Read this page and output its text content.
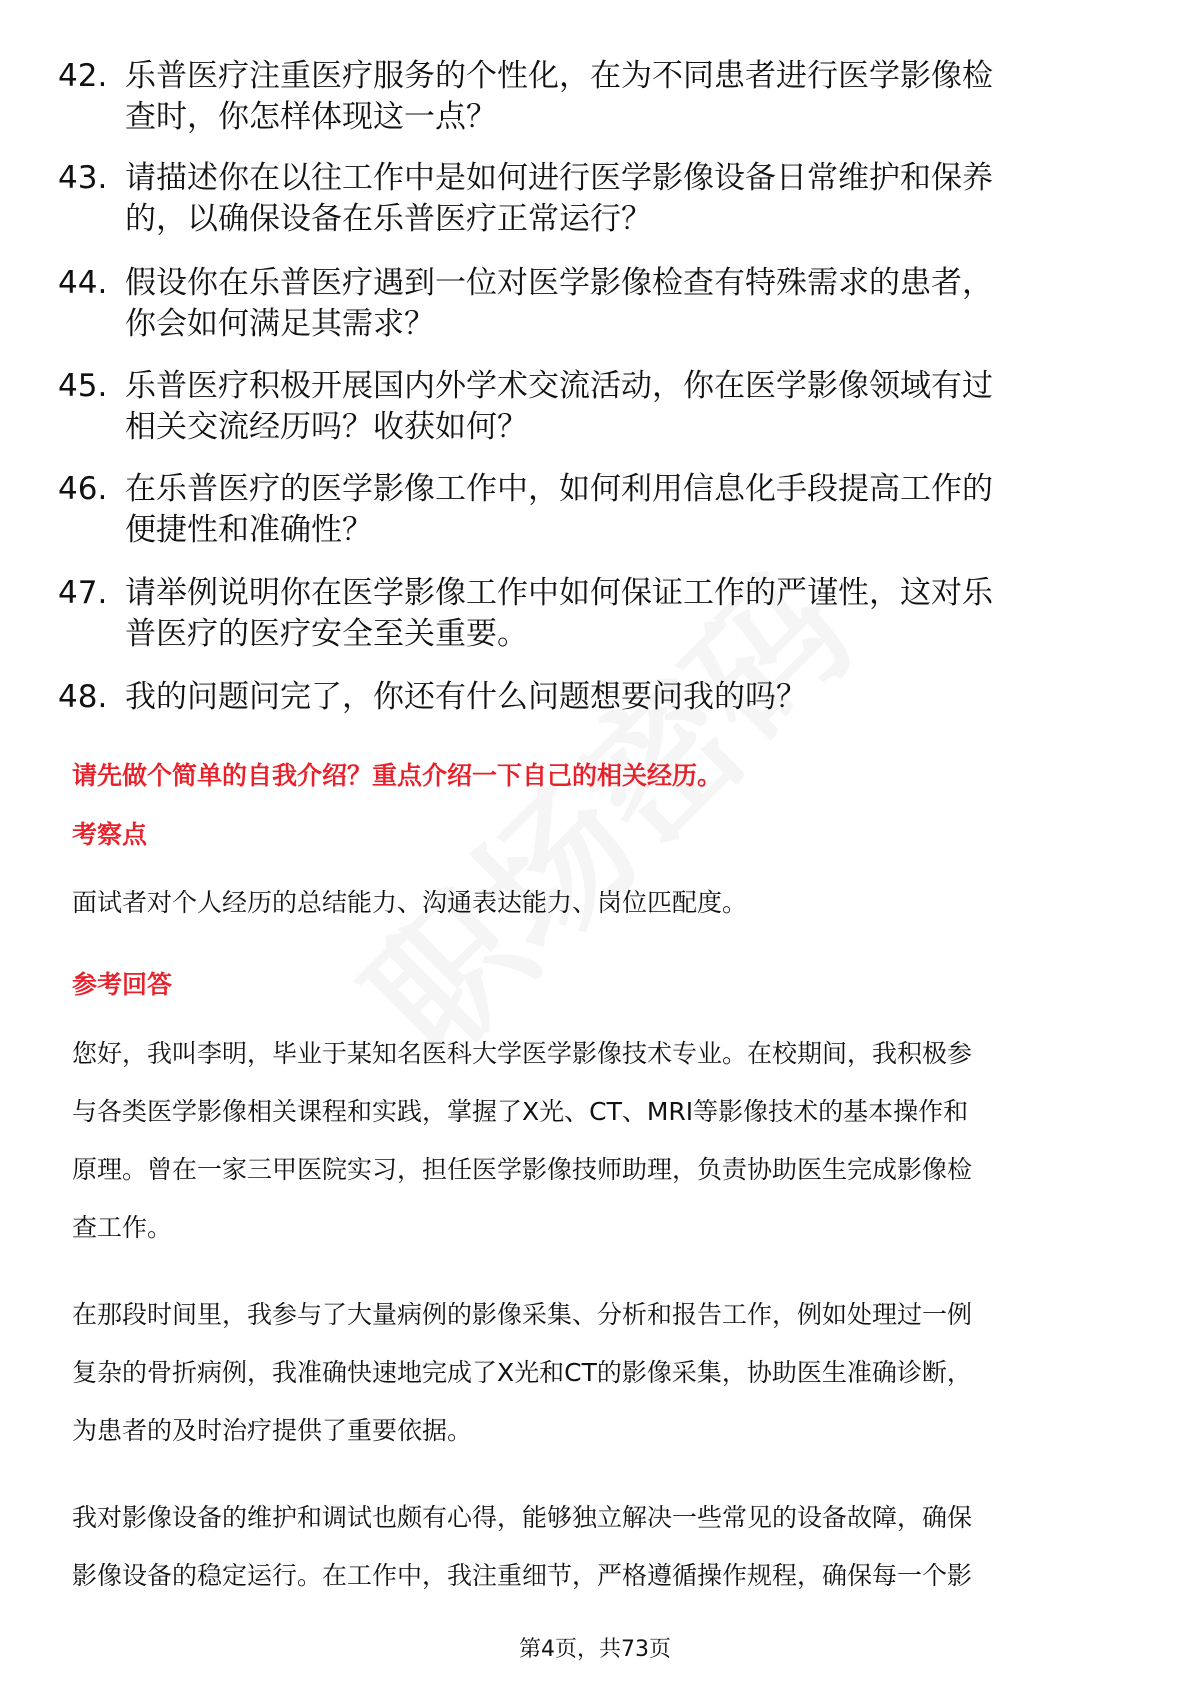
42. 乐普医疗注重医疗服务的个性化，在为不同患者进行医学影像检
查时，你怎样体现这一点？
43. 请描述你在以往工作中是如何进行医学影像设备日常维护和保养
的，以确保设备在乐普医疗正常运行？
44. 假设你在乐普医疗遇到一位对医学影像检查有特殊需求的患者，
你会如何满足其需求？
45. 乐普医疗积极开展国内外学术交流活动，你在医学影像领域有过
相关交流经历吗？收获如何？
46. 在乐普医疗的医学影像工作中，如何利用信息化手段提高工作的
便捷性和准确性？
47. 请举例说明你在医学影像工作中如何保证工作的严谨性，这对乐
普医疗的医疗安全至关重要。
48. 我的问题问完了，你还有什么问题想要问我的吗？
请先做个简单的自我介绍？重点介绍一下自己的相关经历。
考察点
面试者对个人经历的总结能力、沟通表达能力、岗位匹配度。
参考回答
您好，我叫李明，毕业于某知名医科大学医学影像技术专业。在校期间，我积极参
与各类医学影像相关课程和实践，掌握了X光、CT、MRI等影像技术的基本操作和
原理。曾在一家三甲医院实习，担任医学影像技师助理，负责协助医生完成影像检
查工作。
在那段时间里，我参与了大量病例的影像采集、分析和报告工作，例如处理过一例
复杂的骨折病例，我准确快速地完成了X光和CT的影像采集，协助医生准确诊断，
为患者的及时治疗提供了重要依据。
我对影像设备的维护和调试也颇有心得，能够独立解决一些常见的设备故障，确保
影像设备的稳定运行。在工作中，我注重细节，严格遵循操作规程，确保每一个影
第4页，共73页
